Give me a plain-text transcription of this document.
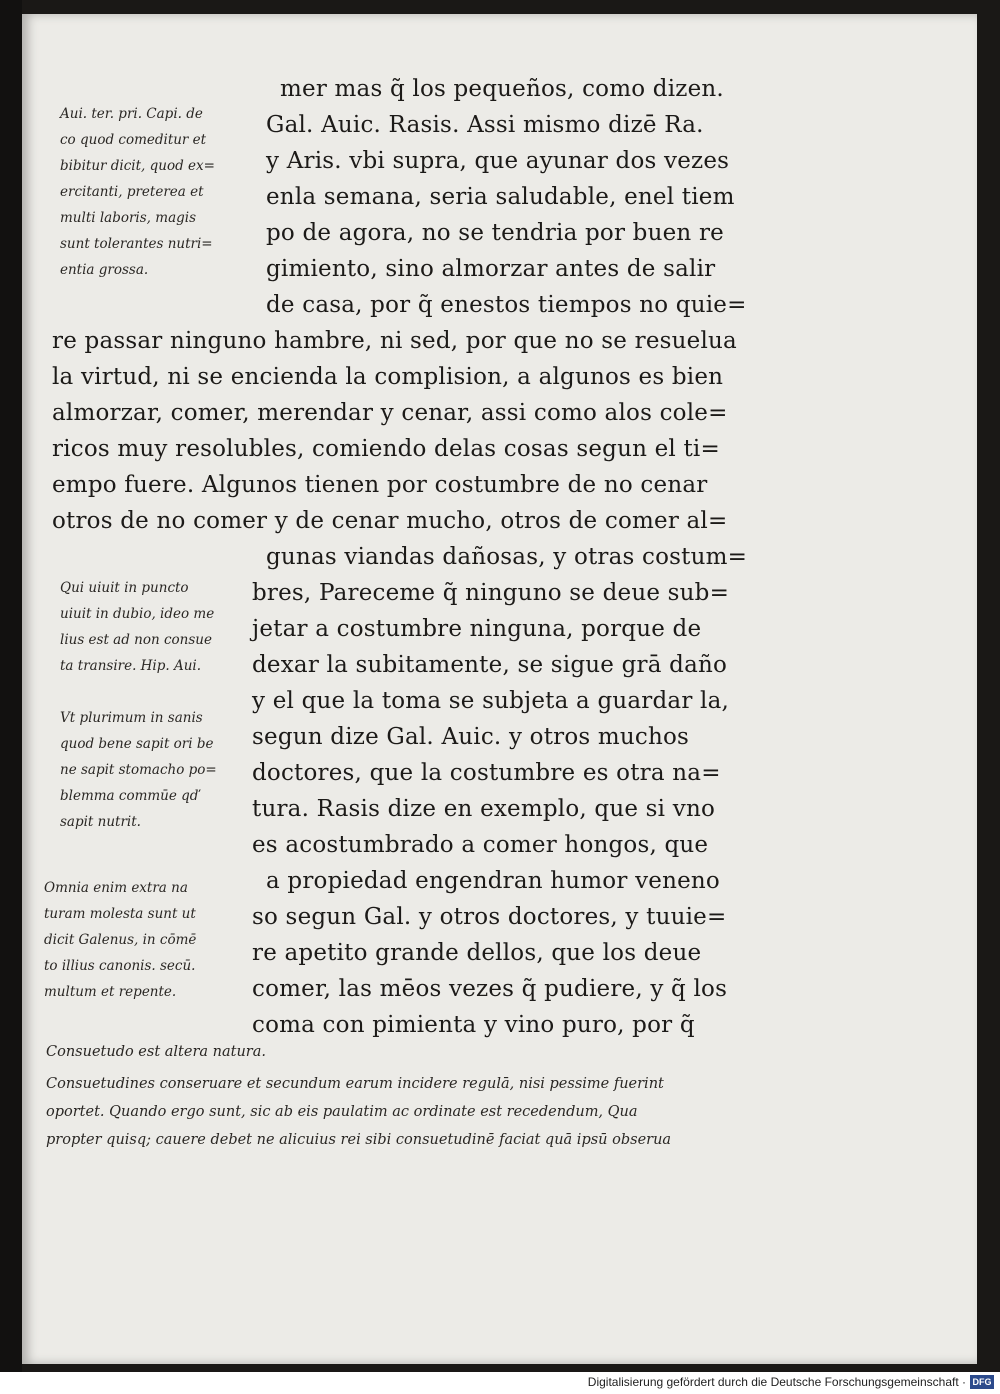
Aui. ter. pri. Capi. de
co quod comeditur et
bibitur dicit, quod ex=
ercitanti, preterea et
multi laboris, magis
sunt tolerantes nutri=
entia grossa.
Qui uiuit in puncto
uiuit in dubio, ideo me
lius est ad non consue
ta transire. Hip. Aui.
Vt plurimum in sanis
quod bene sapit ori be
ne sapit stomacho po=
blemma commūe qď
sapit nutrit.
Omnia enim extra na
turam molesta sunt ut
dicit Galenus, in cōmē
to illius canonis. secū.
multum et repente.
mer mas q̃ los pequeños, como dizen.
Gal. Auic. Rasis. Assi mismo dizē Ra.
y Aris. vbi supra, que ayunar dos vezes
enla semana, seria saludable, enel tiem
po de agora, no se tendria por buen re
gimiento, sino almorzar antes de salir
de casa, por q̃ enestos tiempos no quie=
re passar ninguno hambre, ni sed, por que no se resuelua
la virtud, ni se encienda la complision, a algunos es bien
almorzar, comer, merendar y cenar, assi como alos cole=
ricos muy resolubles, comiendo delas cosas segun el ti=
empo fuere. Algunos tienen por costumbre de no cenar
otros de no comer y de cenar mucho, otros de comer al=
gunas viandas dañosas, y otras costum=
bres, Pareceme q̃ ninguno se deue sub=
jetar a costumbre ninguna, porque de
dexar la subitamente, se sigue grā daño
y el que la toma se subjeta a guardar la,
segun dize Gal. Auic. y otros muchos
doctores, que la costumbre es otra na=
tura. Rasis dize en exemplo, que si vno
es acostumbrado a comer hongos, que
a propiedad engendran humor veneno
so segun Gal. y otros doctores, y tuuie=
re apetito grande dellos, que los deue
comer, las mēos vezes q̃ pudiere, y q̃ los
coma con pimienta y vino puro, por q̃
Consuetudo est altera natura.
Consuetudines conseruare et secundum earum incidere regulā, nisi pessime fuerint
oportet. Quando ergo sunt, sic ab eis paulatim ac ordinate est recedendum, Qua
propter quisq; cauere debet ne alicuius rei sibi consuetudinē faciat quā ipsū obserua
Digitalisierung gefördert durch die Deutsche Forschungsgemeinschaft · DFG
